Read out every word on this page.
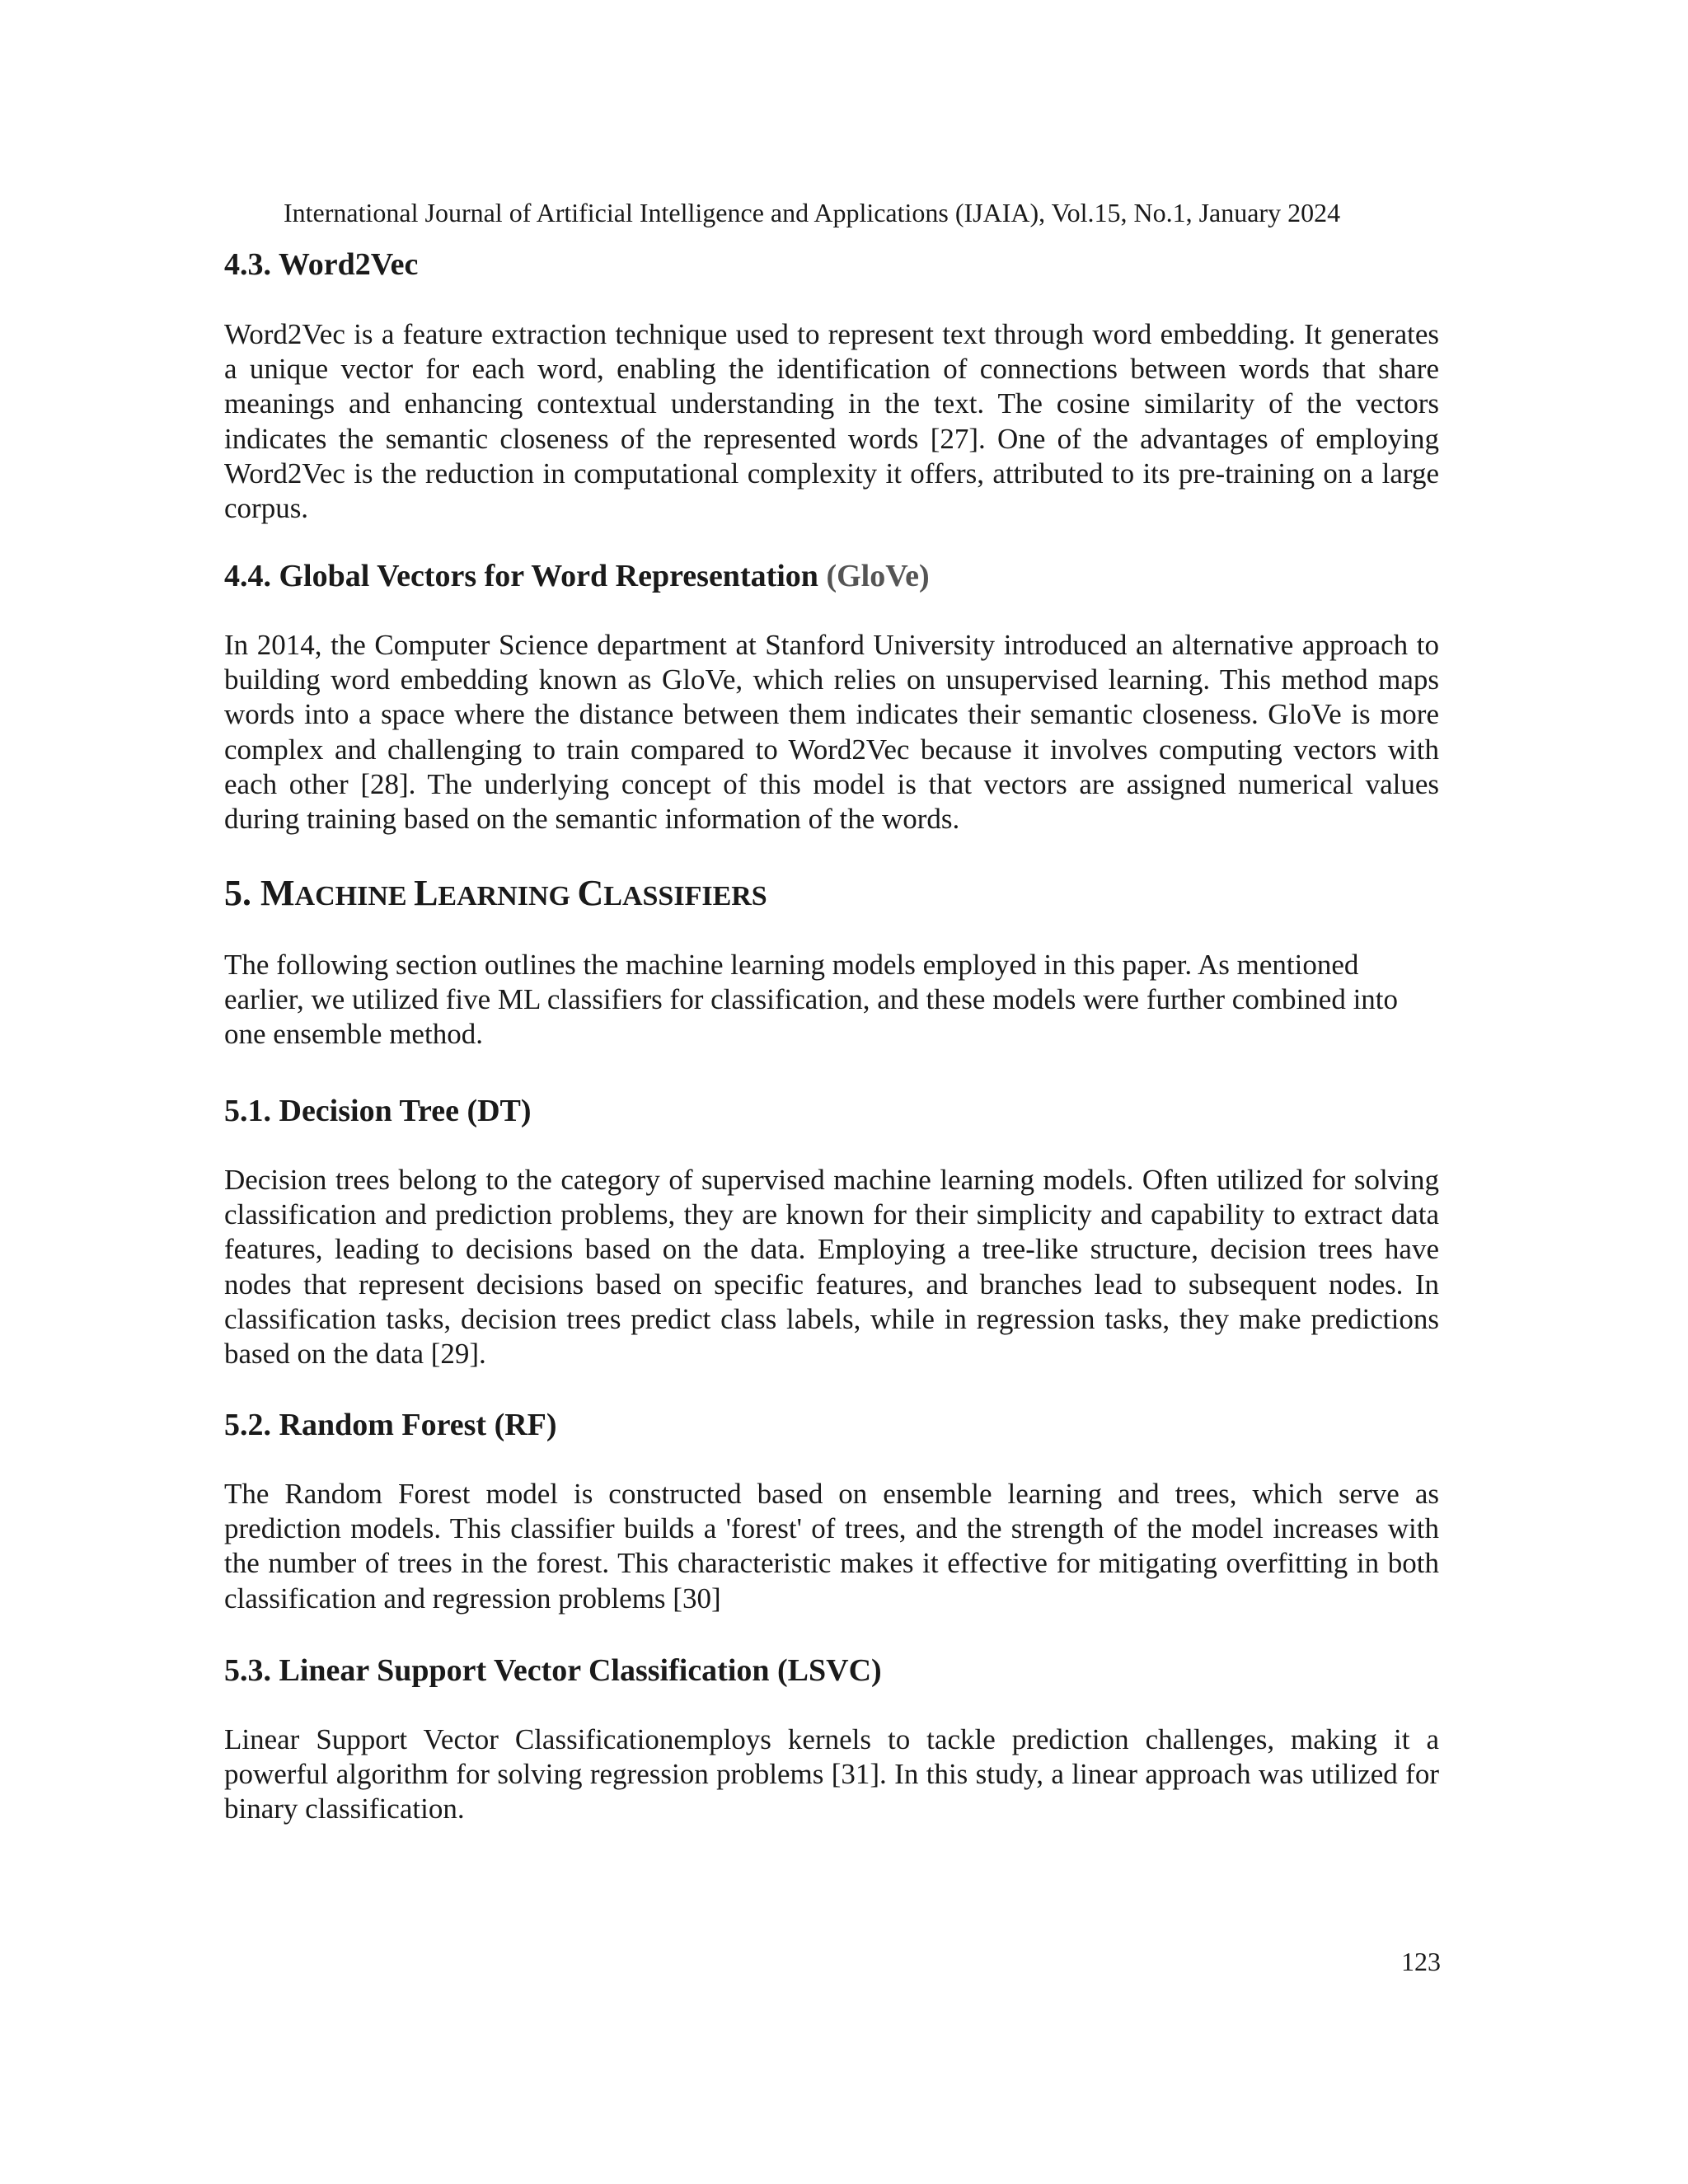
International Journal of Artificial Intelligence and Applications (IJAIA), Vol.15, No.1, January 2024
4.3. Word2Vec
Word2Vec is a feature extraction technique used to represent text through word embedding. It generates a unique vector for each word, enabling the identification of connections between words that share meanings and enhancing contextual understanding in the text. The cosine similarity of the vectors indicates the semantic closeness of the represented words [27]. One of the advantages of employing Word2Vec is the reduction in computational complexity it offers, attributed to its pre-training on a large corpus.
4.4. Global Vectors for Word Representation (GloVe)
In 2014, the Computer Science department at Stanford University introduced an alternative approach to building word embedding known as GloVe, which relies on unsupervised learning. This method maps words into a space where the distance between them indicates their semantic closeness. GloVe is more complex and challenging to train compared to Word2Vec because it involves computing vectors with each other [28]. The underlying concept of this model is that vectors are assigned numerical values during training based on the semantic information of the words.
5. MACHINE LEARNING CLASSIFIERS
The following section outlines the machine learning models employed in this paper. As mentioned earlier, we utilized five ML classifiers for classification, and these models were further combined into one ensemble method.
5.1. Decision Tree (DT)
Decision trees belong to the category of supervised machine learning models. Often utilized for solving classification and prediction problems, they are known for their simplicity and capability to extract data features, leading to decisions based on the data. Employing a tree-like structure, decision trees have nodes that represent decisions based on specific features, and branches lead to subsequent nodes. In classification tasks, decision trees predict class labels, while in regression tasks, they make predictions based on the data [29].
5.2. Random Forest (RF)
The Random Forest model is constructed based on ensemble learning and trees, which serve as prediction models. This classifier builds a 'forest' of trees, and the strength of the model increases with the number of trees in the forest. This characteristic makes it effective for mitigating overfitting in both classification and regression problems [30]
5.3. Linear Support Vector Classification (LSVC)
Linear Support Vector Classificationemploys kernels to tackle prediction challenges, making it a powerful algorithm for solving regression problems [31]. In this study, a linear approach was utilized for binary classification.
123
